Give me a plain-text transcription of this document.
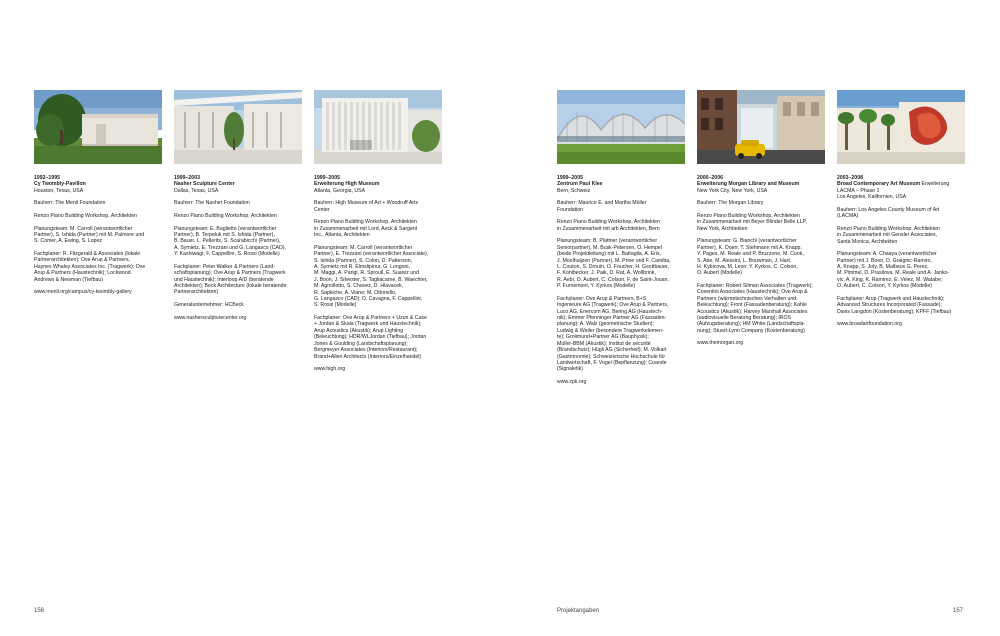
1992–1995
Cy Twombly-Pavillon
Houston, Texas, USA

Bauherr: The Menil Foundation

Renzo Piano Building Workshop, Architekten

Planungsteam: M. Carroll (verantwortlicher
Partner), S. Ishida (Partner) mit M. Palmore und
S. Comer, A. Ewing, S. Lopez

Fachplaner: R. Fitzgerald & Associates (lokale
Partnerarchitekten); Ove Arup & Partners,
Haynes Whaley Associates Inc. (Tragwerk); Ove
Arup & Partners (Haustechnik); Lockwood
Andrews & Newman (Tiefbau)

www.menil.org/campus/cy-twombly-gallery

1999–2003
Nasher Sculpture Center
Dallas, Texas, USA

Bauherr: The Nasher Foundation

Renzo Piano Building Workshop, Architekten

Planungsteam: E. Baglietto (verantwortlicher
Partner), B. Terpeluk mit S. Ishida (Partner),
B. Bauer, L. Pellerits, S. Scarabicchi (Partner),
A. Symietz, E. Trezzani und G. Langasco (CAD),
Y. Kashiwagi; F. Cappellini, S. Rossi (Modelle)

Fachplaner: Peter Walker & Partners (Land-
schaftsplanung); Ove Arup & Partners (Tragwerk
und Haustechnik); Interloop A/D (beratende
Architekten); Beck Architecture (lokale beratende
Partnerarchitekten)

Generalunternehmer: HCBeck

www.nashersculpturecenter.org

1999–2005
Erweiterung High Museum
Atlanta, Georgia, USA

Bauherr: High Museum of Art + Woodruff Arts
Center

Renzo Piano Building Workshop, Architekten
in Zusammenarbeit mit Lord, Aeck & Sargent
Inc., Atlanta, Architekten

Planungsteam: M. Carroll (verantwortlicher
Partner), E. Trezzani (verantwortlicher Associate),
S. Ishida (Partner), S. Colon, D. Patterson,
A. Symietz mit R. Elmslipinur, G. Longoni,
M. Maggi, A. Parigi, R. Sproull, E. Suarez und
J. Boon, J. Silvester, S. Tagliacarne, B. Waechter,
M. Agnolletto, S. Chavez, D. Hlavacek,
R. Sapkiche, A. Viane; M. Ottonello,
G. Langasco (CAD); D. Cavagna, F. Cappellini,
S. Rossi (Modelle)

Fachplaner: Ove Arup & Partners + Uzun & Case
+ Jordan & Skala (Tragwerk und Haustechnik);
Arup Acoustics (Akustik); Arup Lighting
(Beleuchtung); HDR/WLJordan (Tiefbau); Jordan
Jones & Goulding (Landschaftsplanung);
Bergmeyer Associates (Interiors/Restaurant);
Brand+Allen Architects (Interiors/Einzelhandel)

www.high.org

1999–2005
Zentrum Paul Klee
Bern, Schweiz

Bauherr: Maurice E. and Martha Müller
Foundation

Renzo Piano Building Workshop, Architekten
in Zusammenarbeit mit arb Architekten, Bern

Planungsteam: B. Plattner (verantwortlicher
Seniorpartner), M. Busk-Petersen, O. Hempel
(beide Projektleitung) mit L. Battaglia, A. Eris,
J. Moolhuijzen (Partner), M. Prine und F. Camiba,
L. Couton, S. Drouin, O. Foucher, H. Gsottbauer,
F. Kohlbecker, J. Paik, D. Rat, A. Wollbrink,
R. Aebi, O. Aubert, C. Colson, F. de Saint-Jouan,
P. Furnemont, Y. Kyrkos (Modelle)

Fachplaner: Ove Arup & Partners, B+S
Ingenieure AG (Tragwerk); Ove Arup & Partners,
Luco AG, Enercom AG, Bering AG (Haustech-
nik); Emmer Pfenninger Partner AG (Fassaden-
planung); A. Walz (geometrische Studien);
Ludwig & Weiler (besondere Tragwerkelemen-
te); Grolimund+Partner AG (Bauphysik);
Müller-BBM (Akustik); Institut de sécurité
(Brandschutz); Hügli AG (Sicherheit); M. Volkart
(Gastronomie); Schweizerische Hochschule für
Landwirtschaft, F. Vogel (Bepflanzung); Coande
(Signaletik)

www.zpk.org

2000–2006
Erweiterung Morgan Library and Museum
New York City, New York, USA

Bauherr: The Morgan Library

Renzo Piano Building Workshop, Architekten
in Zusammenarbeit mit Beyer Blinder Belle LLP,
New York, Architekten

Planungsteam: G. Bianchi (verantwortlicher
Partner), K. Doerr, T. Stehmann mit A. Knapp,
Y. Pages, M. Reale und P. Bruzzone, M. Cook,
S. Abe, M. Alessini, L. Bouwman, J. Hart,
H. Kybicova, M. Leon; Y. Kyrkos, C. Colson,
O. Aubert (Modelle)

Fachplaner: Robert Silman Associates (Tragwerk);
Cosentini Associates (Haustechnik); Ove Arup &
Partners (wärmetechnisches Verhalten und
Beleuchtung); Front (Fassadenberatung); Kahle
Acoustics (Akustik); Harvey Marshall Associates
(audiovisuelle Beratung Beratung); IROS
(Aufzugsberatung); HM White (Landschaftspla-
nung); Stuart-Lynn Company (Kostenberatung)

www.themorgan.org

2003–2008
Broad Contemporary Art Museum Erweiterung
LACMA – Phase 1
Los Angeles, Kalifornien, USA

Bauherr: Los Angeles County Museum of Art
(LACMA)

Renzo Piano Building Workshop, Architekten
in Zusammenarbeit mit Gensler Associates,
Santa Monica, Architekten

Planungsteam: A. Chaaya (verantwortlicher
Partner) mit J. Boon, D. Graignic-Ramiro,
A. Knapp, S. Joly, B. Malbeux G. Perez,
M. Pimmel, D. Prasilova, M. Reale und A. Janko-
vic, A. King, K. Ramirez, E. Velez, M. Watabe;
O. Aubert, C. Colson, Y. Kyrkos (Modelle)

Fachplaner: Arup (Tragwerk und Haustechnik);
Advanced Structures Incorporated (Fassade);
Davis Langdon (Kostenberatung); KPFF (Tiefbau)

www.broadartfoundation.org

156	Projektangaben	157
